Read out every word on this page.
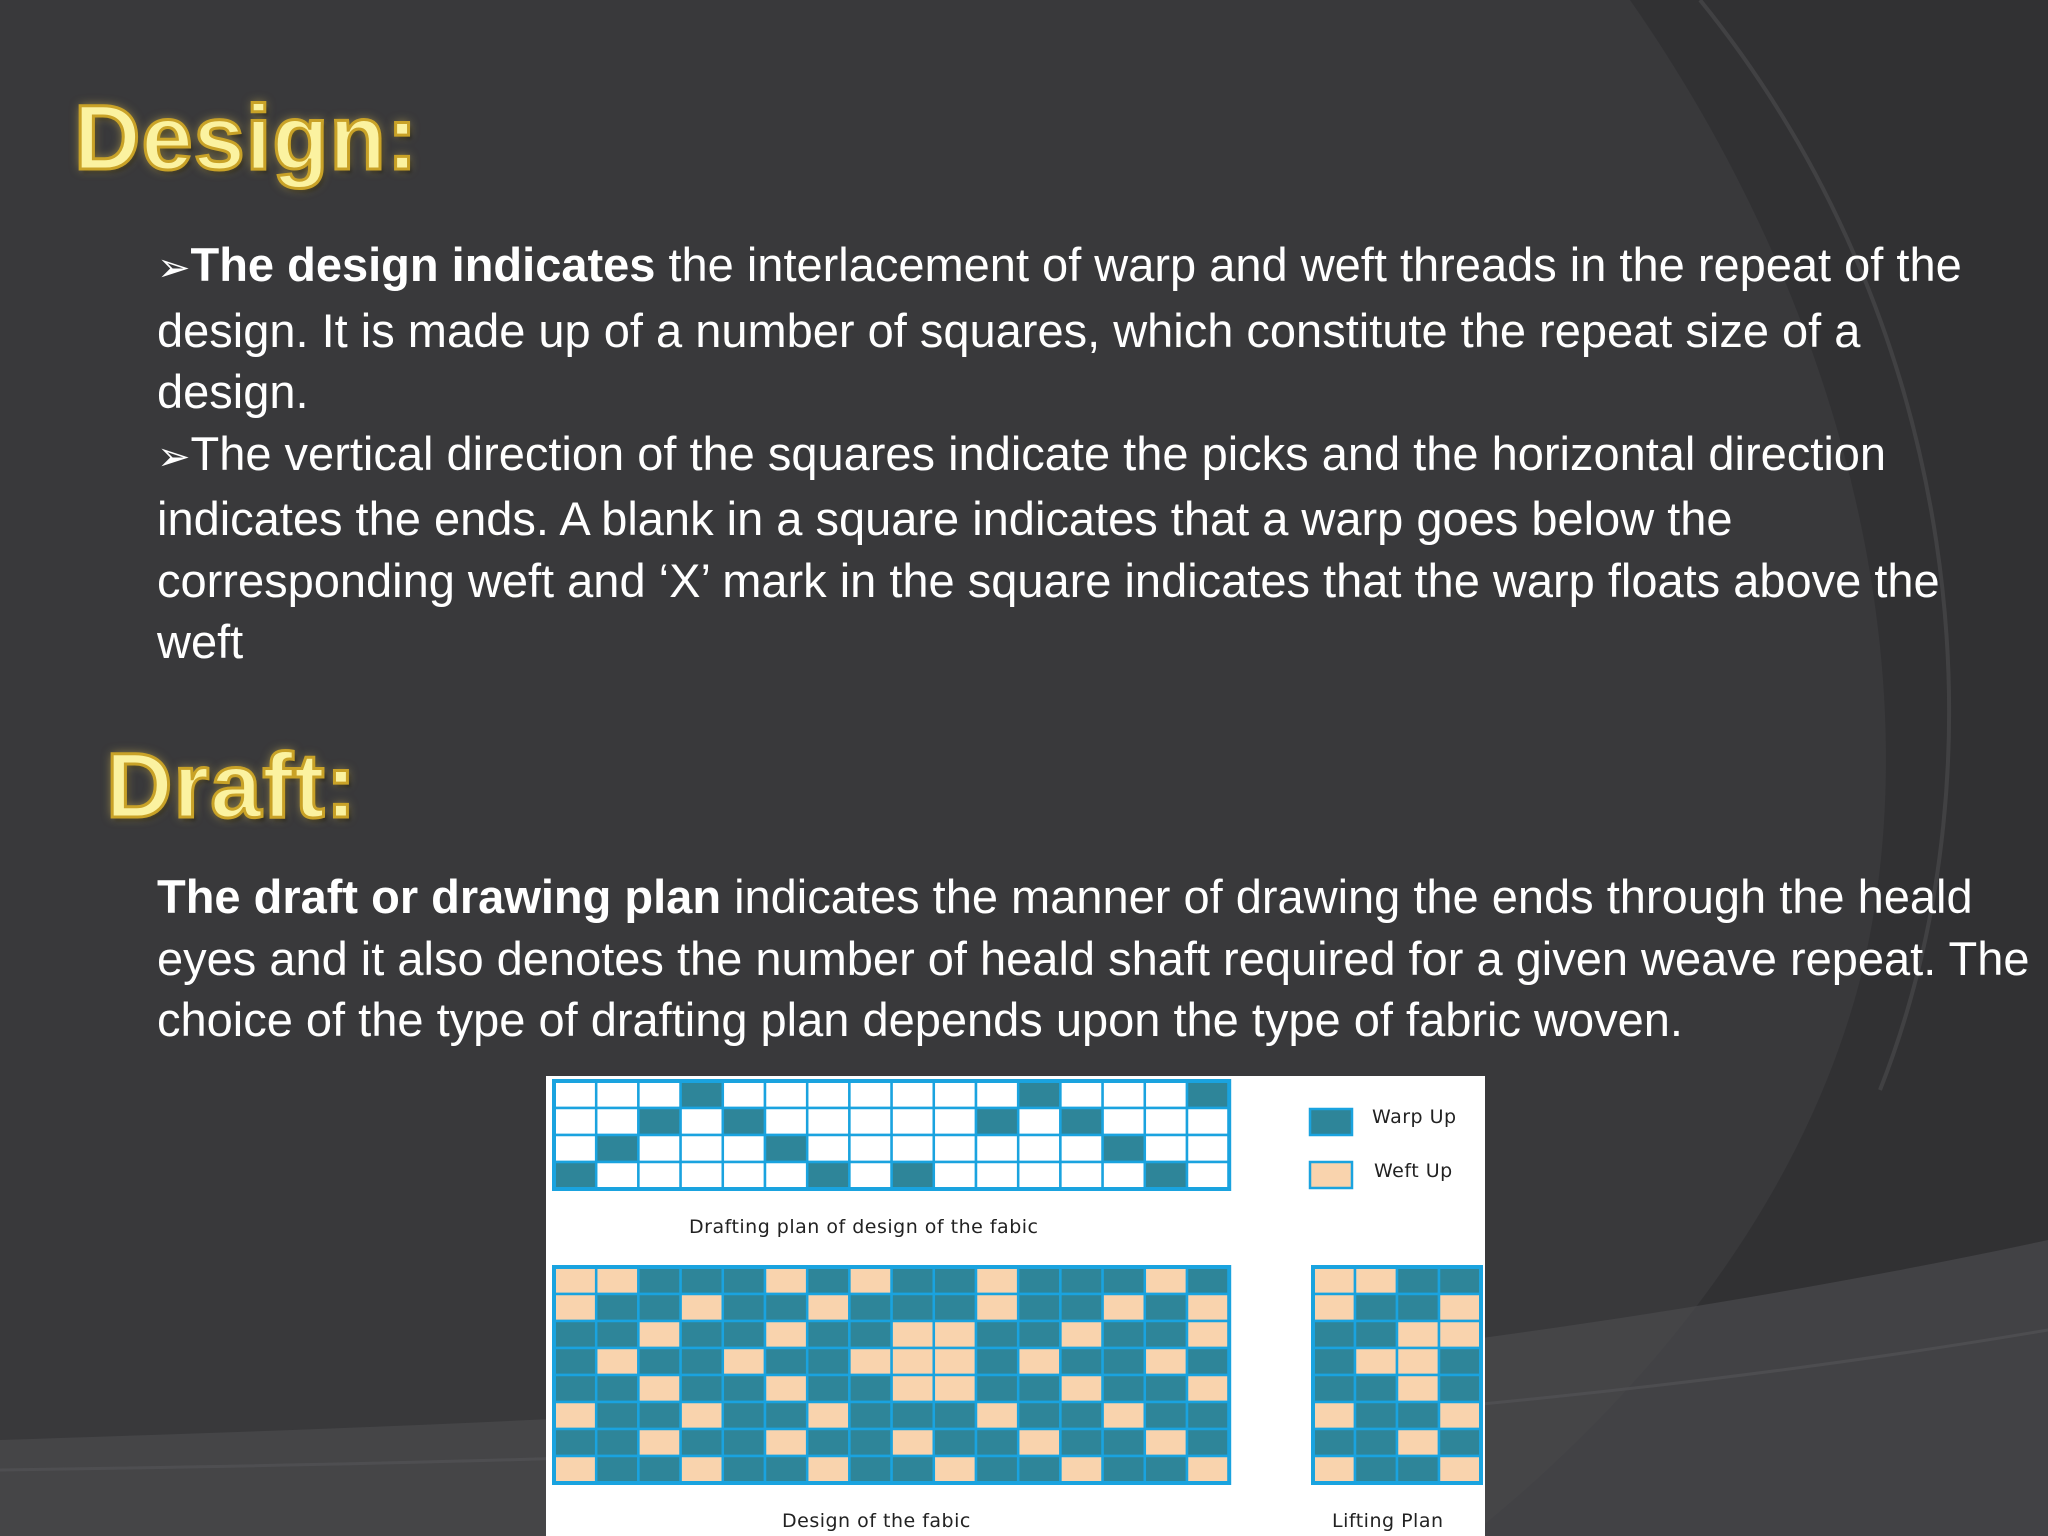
Design:

➢The design indicates the interlacement of warp and weft threads in the repeat of the design. It is made up of a number of squares, which constitute the repeat size of a design.

➢The vertical direction of the squares indicate the picks and the horizontal direction indicates the ends. A blank in a square indicates that a warp goes below the corresponding weft and ‘X’ mark in the square indicates that the warp floats above the weft

Draft:

The draft or drawing plan indicates the manner of drawing the ends through the heald eyes and it also denotes the number of heald shaft required for a given weave repeat. The choice of the type of drafting plan depends upon the type of fabric woven.

Warp Up
Weft Up
Drafting plan of design of the fabic
Design of the fabic	Lifting Plan
